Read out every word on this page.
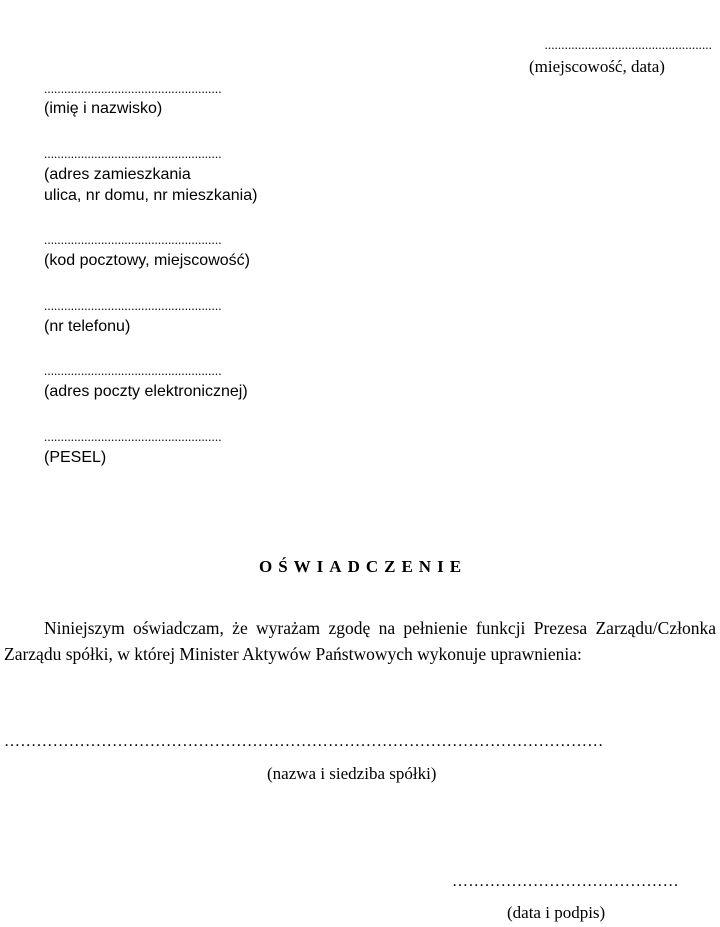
..................................................
(miejscowość, data)
.....................................................
(imię i nazwisko)
.....................................................
(adres zamieszkania
ulica, nr domu, nr mieszkania)
.....................................................
(kod pocztowy, miejscowość)
.....................................................
(nr telefonu)
.....................................................
(adres poczty elektronicznej)
.....................................................
(PESEL)
OŚWIADCZENIE

Niniejszym oświadczam, że wyrażam zgodę na pełnienie funkcji Prezesa Zarządu/Członka Zarządu spółki, w której Minister Aktywów Państwowych wykonuje uprawnienia:

…………………………………………………………………………………………………
(nazwa i siedziba spółki)
……………………………………
(data i podpis)
